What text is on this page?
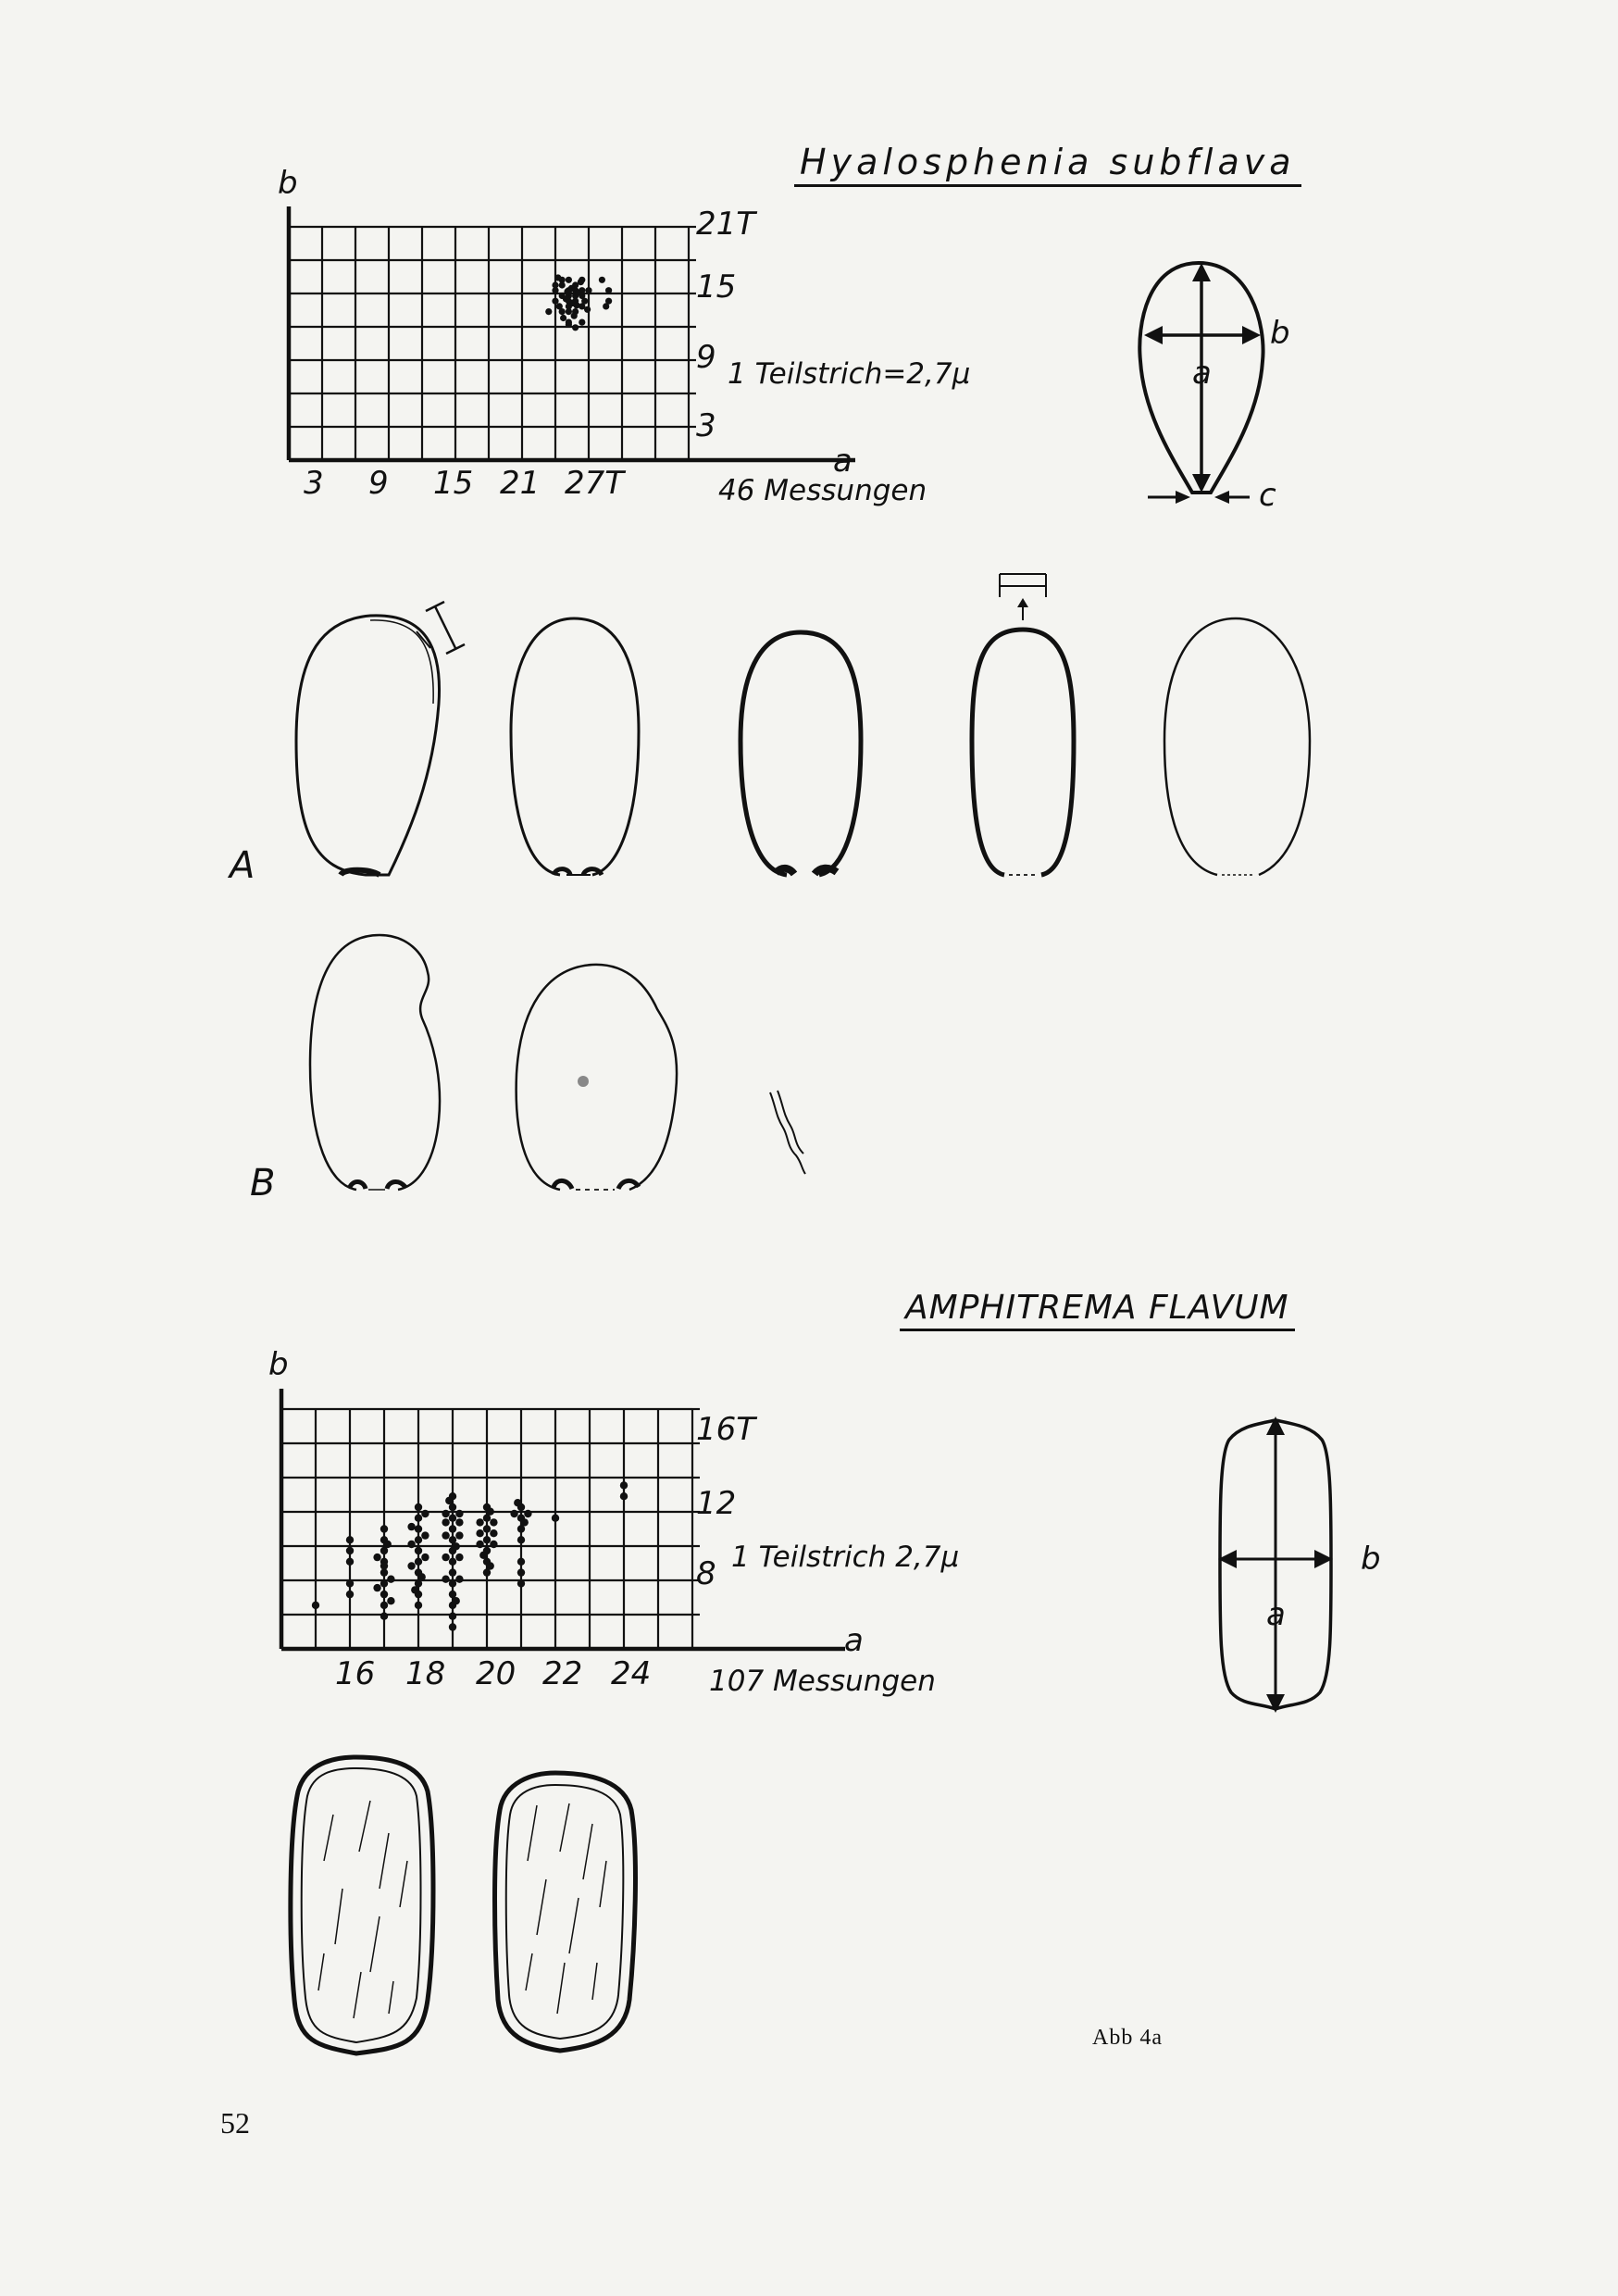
Hyalosphenia subflava
b
21T
15
9
3
1 Teilstrich=2,7µ
a
3 9 15 21 27T	46 Messungen
a
b
c
A
B
AMPHITREMA FLAVUM
b
16T
12
8 1 Teilstrich 2,7µ
a
16 18 20 22 24 107 Messungen
a
b
Abb 4a
52
